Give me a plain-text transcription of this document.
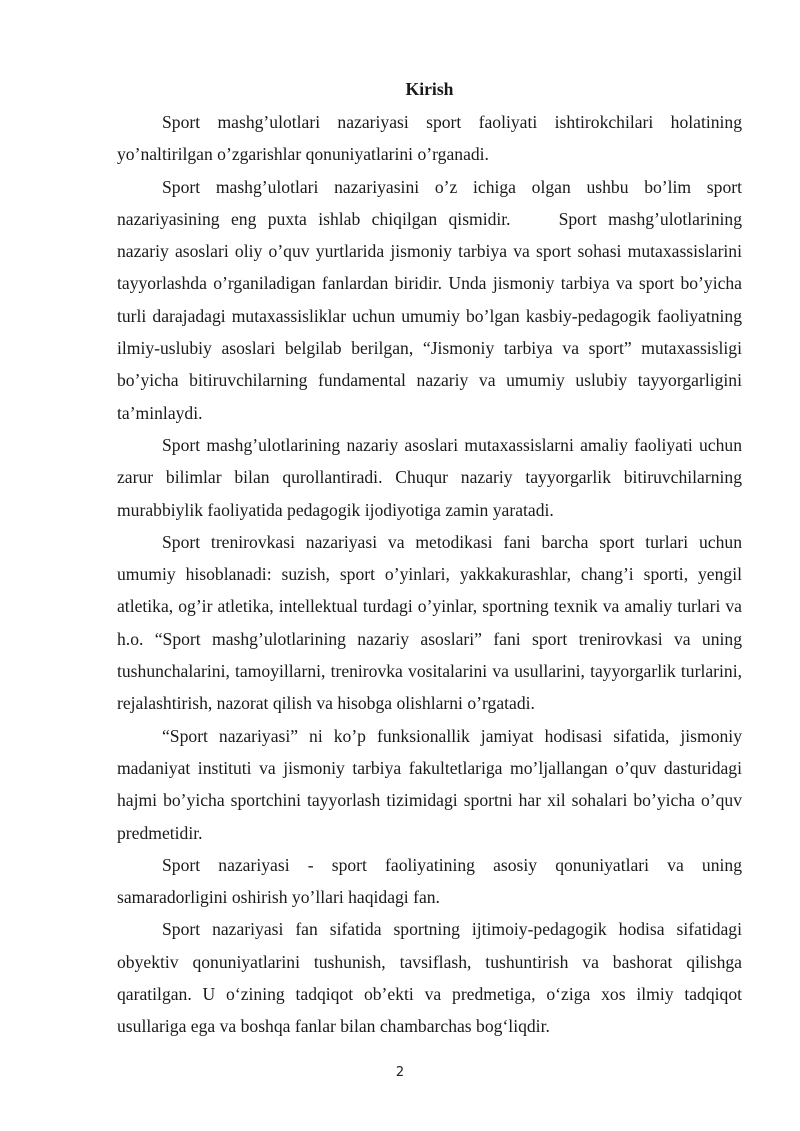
Kirish

Sport mashg’ulotlari nazariyasi sport faoliyati ishtirokchilari holatining yo’naltirilgan o’zgarishlar qonuniyatlarini o’rganadi.

Sport mashg’ulotlari nazariyasini o’z ichiga olgan ushbu bo’lim sport nazariyasining eng puxta ishlab chiqilgan qismidir.	Sport mashg’ulotlarining nazariy asoslari oliy o’quv yurtlarida jismoniy tarbiya va sport sohasi mutaxassislarini tayyorlashda o’rganiladigan fanlardan biridir. Unda jismoniy tarbiya va sport bo’yicha turli darajadagi mutaxassisliklar uchun umumiy bo’lgan kasbiy-pedagogik faoliyatning ilmiy-uslubiy asoslari belgilab berilgan, “Jismoniy tarbiya va sport” mutaxassisligi bo’yicha bitiruvchilarning fundamental nazariy va umumiy uslubiy tayyorgarligini ta’minlaydi.

Sport mashg’ulotlarining nazariy asoslari mutaxassislarni amaliy faoliyati uchun zarur bilimlar bilan qurollantiradi. Chuqur nazariy tayyorgarlik bitiruvchilarning murabbiylik faoliyatida pedagogik ijodiyotiga zamin yaratadi.

Sport trenirovkasi nazariyasi va metodikasi fani barcha sport turlari uchun umumiy hisoblanadi: suzish, sport o’yinlari, yakkakurashlar, chang’i sporti, yengil atletika, og’ir atletika, intellektual turdagi o’yinlar, sportning texnik va amaliy turlari va h.o. “Sport mashg’ulotlarining nazariy asoslari” fani sport trenirovkasi va uning tushunchalarini, tamoyillarni, trenirovka vositalarini va usullarini, tayyorgarlik turlarini, rejalashtirish, nazorat qilish va hisobga olishlarni o’rgatadi.

“Sport nazariyasi” ni ko’p funksionallik jamiyat hodisasi sifatida, jismoniy madaniyat instituti va jismoniy tarbiya fakultetlariga mo’ljallangan o’quv dasturidagi hajmi bo’yicha sportchini tayyorlash tizimidagi sportni har xil sohalari bo’yicha o’quv predmetidir.

Sport nazariyasi - sport faoliyatining asosiy qonuniyatlari va uning samaradorligini oshirish yo’llari haqidagi fan.

Sport nazariyasi fan sifatida sportning ijtimoiy-pedagogik hodisa sifatidagi obyektiv qonuniyatlarini tushunish, tavsiflash, tushuntirish va bashorat qilishga qaratilgan. U o‘zining tadqiqot ob’ekti va predmetiga, o‘ziga xos ilmiy tadqiqot usullariga ega va boshqa fanlar bilan chambarchas bog‘liqdir.

2
